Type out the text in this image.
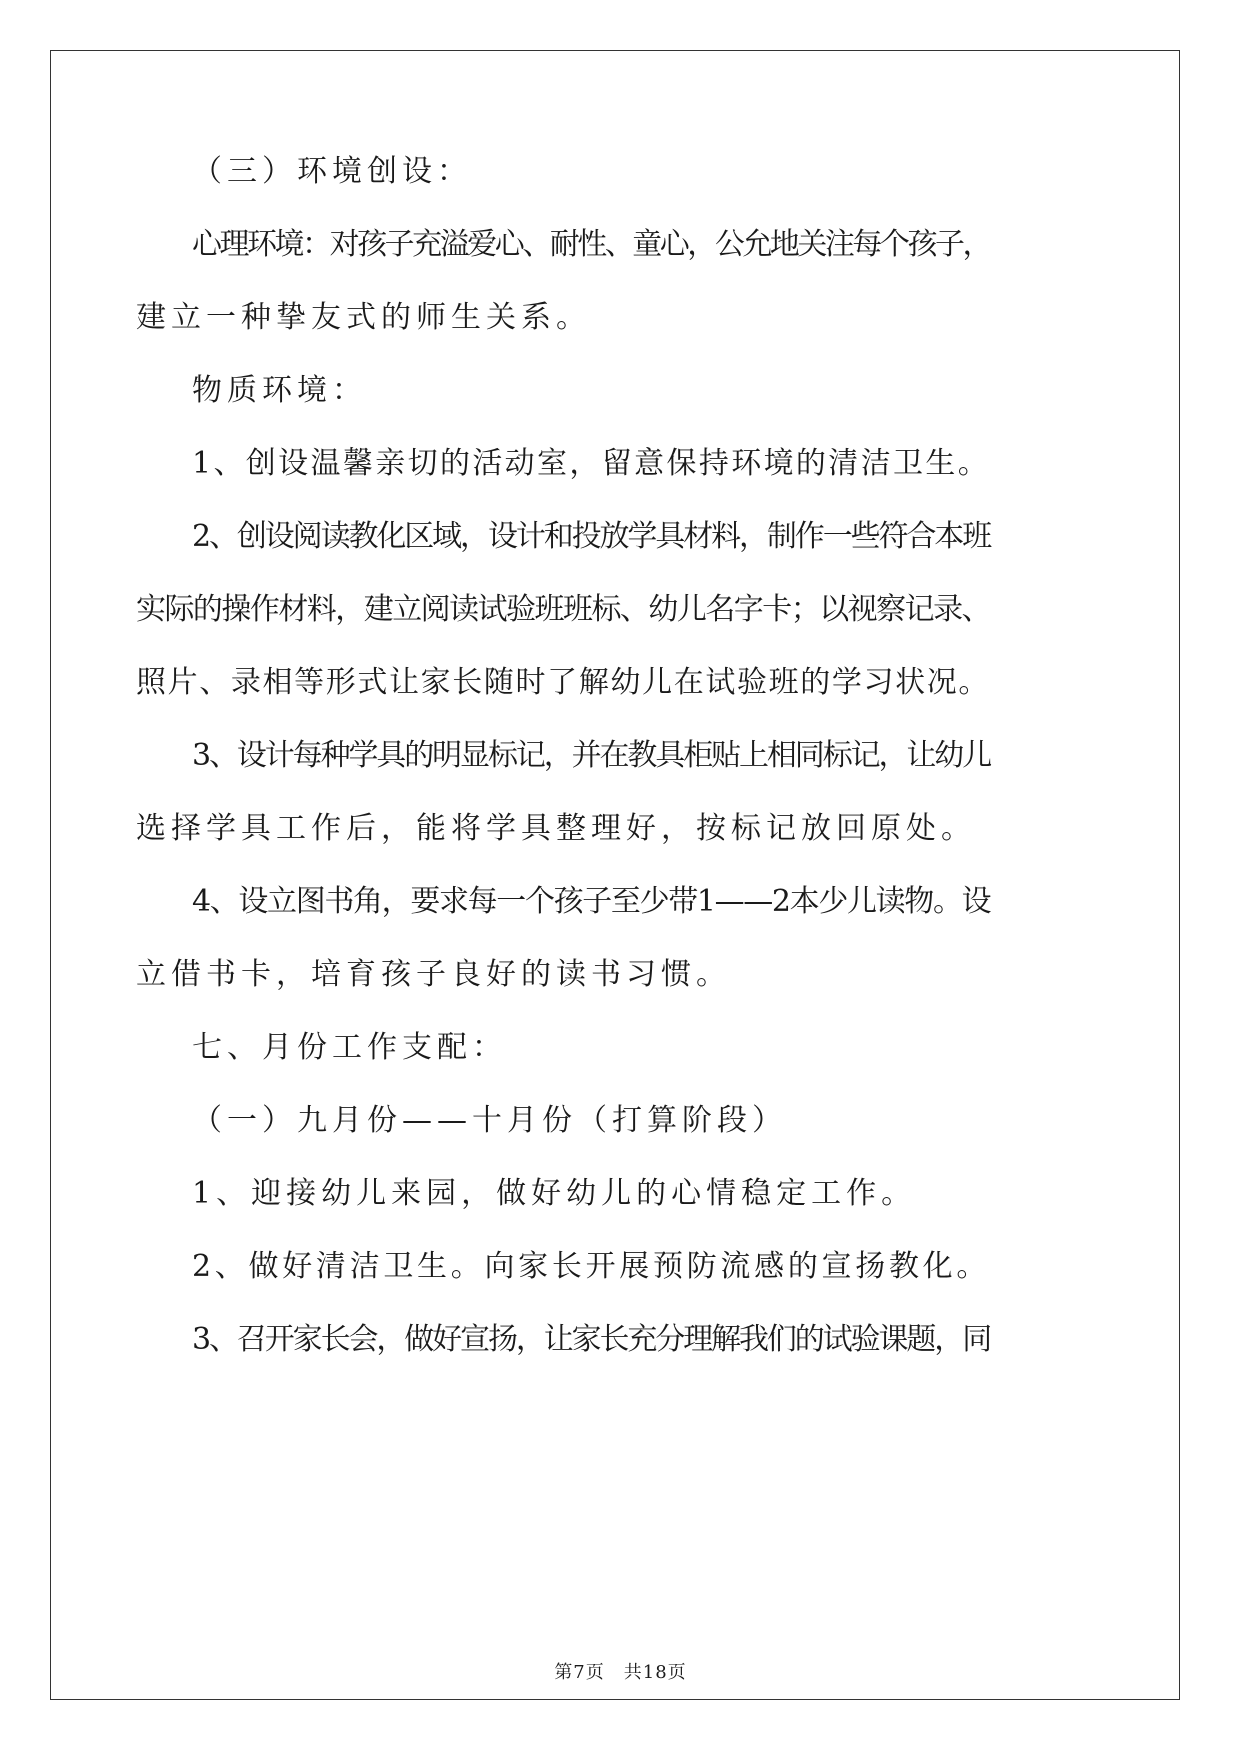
（三）环境创设：
心理环境：对孩子充溢爱心、耐性、童心，公允地关注每个孩子，
建立一种挚友式的师生关系。
物质环境：
1、创设温馨亲切的活动室，留意保持环境的清洁卫生。
2、创设阅读教化区域，设计和投放学具材料，制作一些符合本班
实际的操作材料，建立阅读试验班班标、幼儿名字卡；以视察记录、
照片、录相等形式让家长随时了解幼儿在试验班的学习状况。
3、设计每种学具的明显标记，并在教具柜贴上相同标记，让幼儿
选择学具工作后，能将学具整理好，按标记放回原处。
4、设立图书角，要求每一个孩子至少带1——2本少儿读物。设
立借书卡，培育孩子良好的读书习惯。
七、月份工作支配：
（一）九月份——十月份（打算阶段）
1、迎接幼儿来园，做好幼儿的心情稳定工作。
2、做好清洁卫生。向家长开展预防流感的宣扬教化。
3、召开家长会，做好宣扬，让家长充分理解我们的试验课题，同
第7页　共18页
